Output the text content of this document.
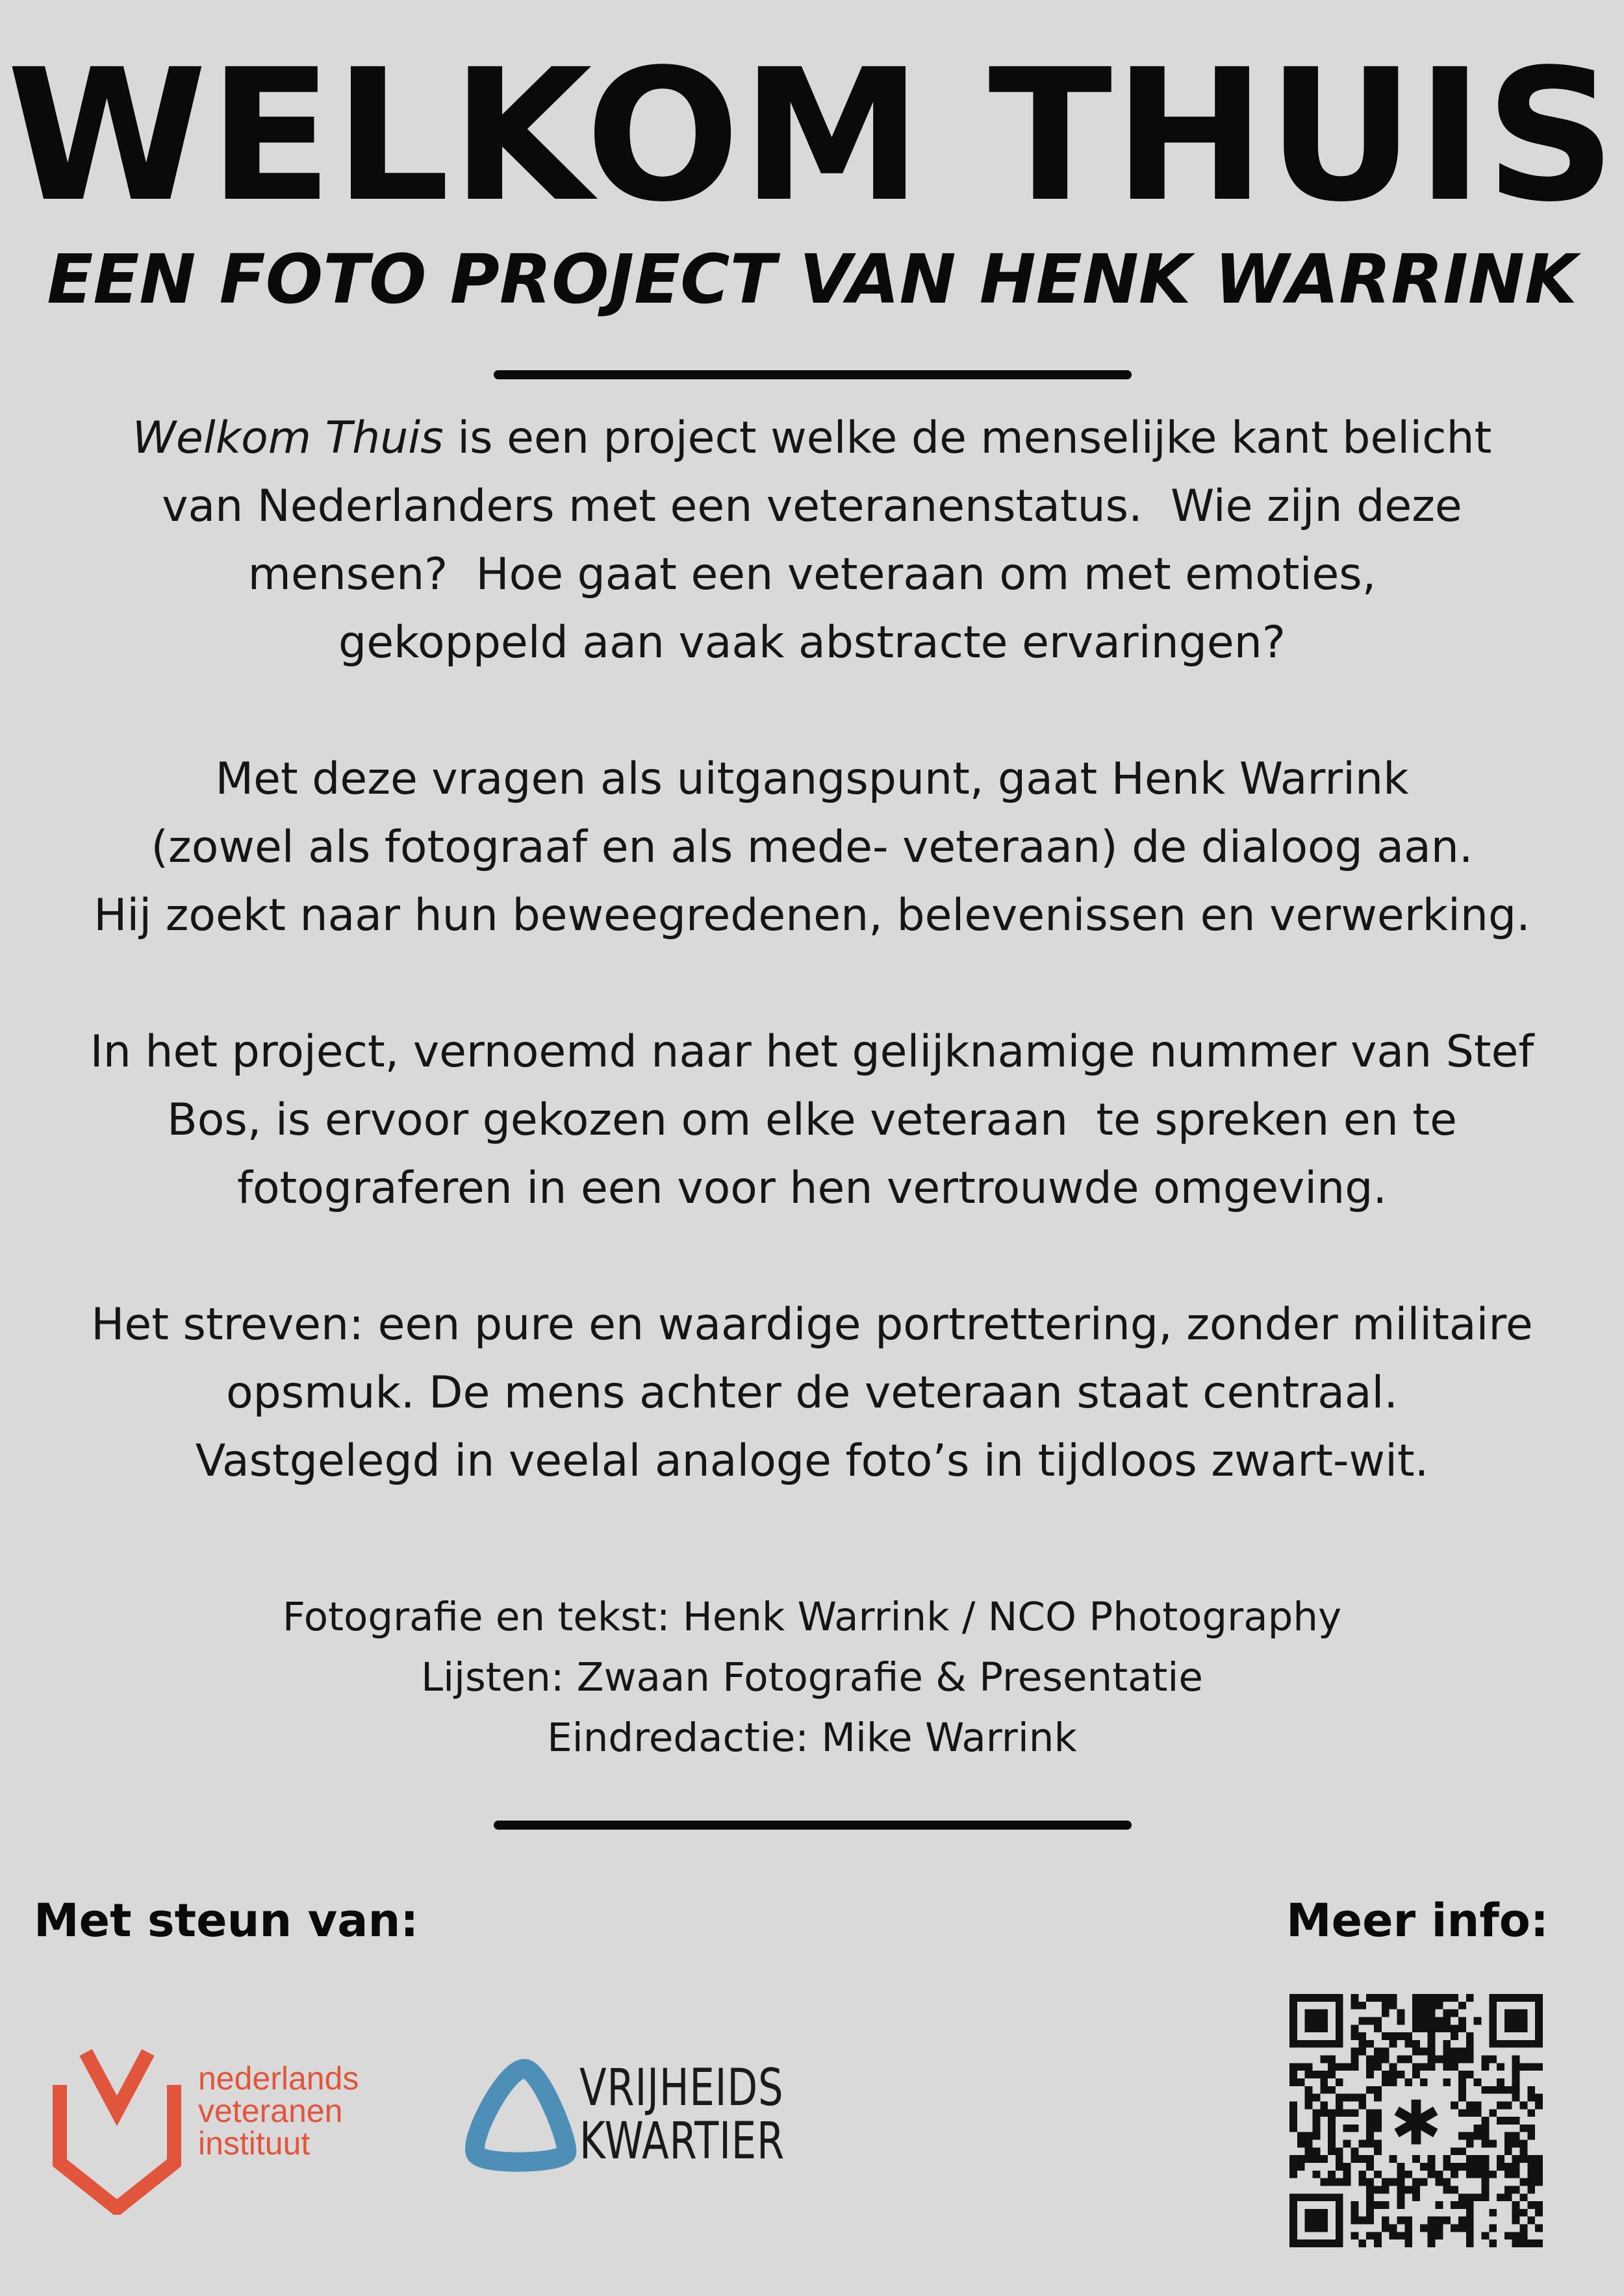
WELKOM THUIS
EEN FOTO PROJECT VAN HENK WARRINK
Welkom Thuis is een project welke de menselijke kant belicht
van Nederlanders met een veteranenstatus.  Wie zijn deze
mensen?  Hoe gaat een veteraan om met emoties,
gekoppeld aan vaak abstracte ervaringen?
Met deze vragen als uitgangspunt, gaat Henk Warrink
(zowel als fotograaf en als mede- veteraan) de dialoog aan.
Hij zoekt naar hun beweegredenen, belevenissen en verwerking.
In het project, vernoemd naar het gelijknamige nummer van Stef
Bos, is ervoor gekozen om elke veteraan  te spreken en te
fotograferen in een voor hen vertrouwde omgeving.
Het streven: een pure en waardige portrettering, zonder militaire
opsmuk. De mens achter de veteraan staat centraal.
Vastgelegd in veelal analoge foto’s in tijdloos zwart-wit.
Fotografie en tekst: Henk Warrink / NCO Photography
Lijsten: Zwaan Fotografie & Presentatie
Eindredactie: Mike Warrink
Met steun van:	Meer info:
nederlands
veteranen
instituut
VRIJHEIDS
KWARTIER	✱
